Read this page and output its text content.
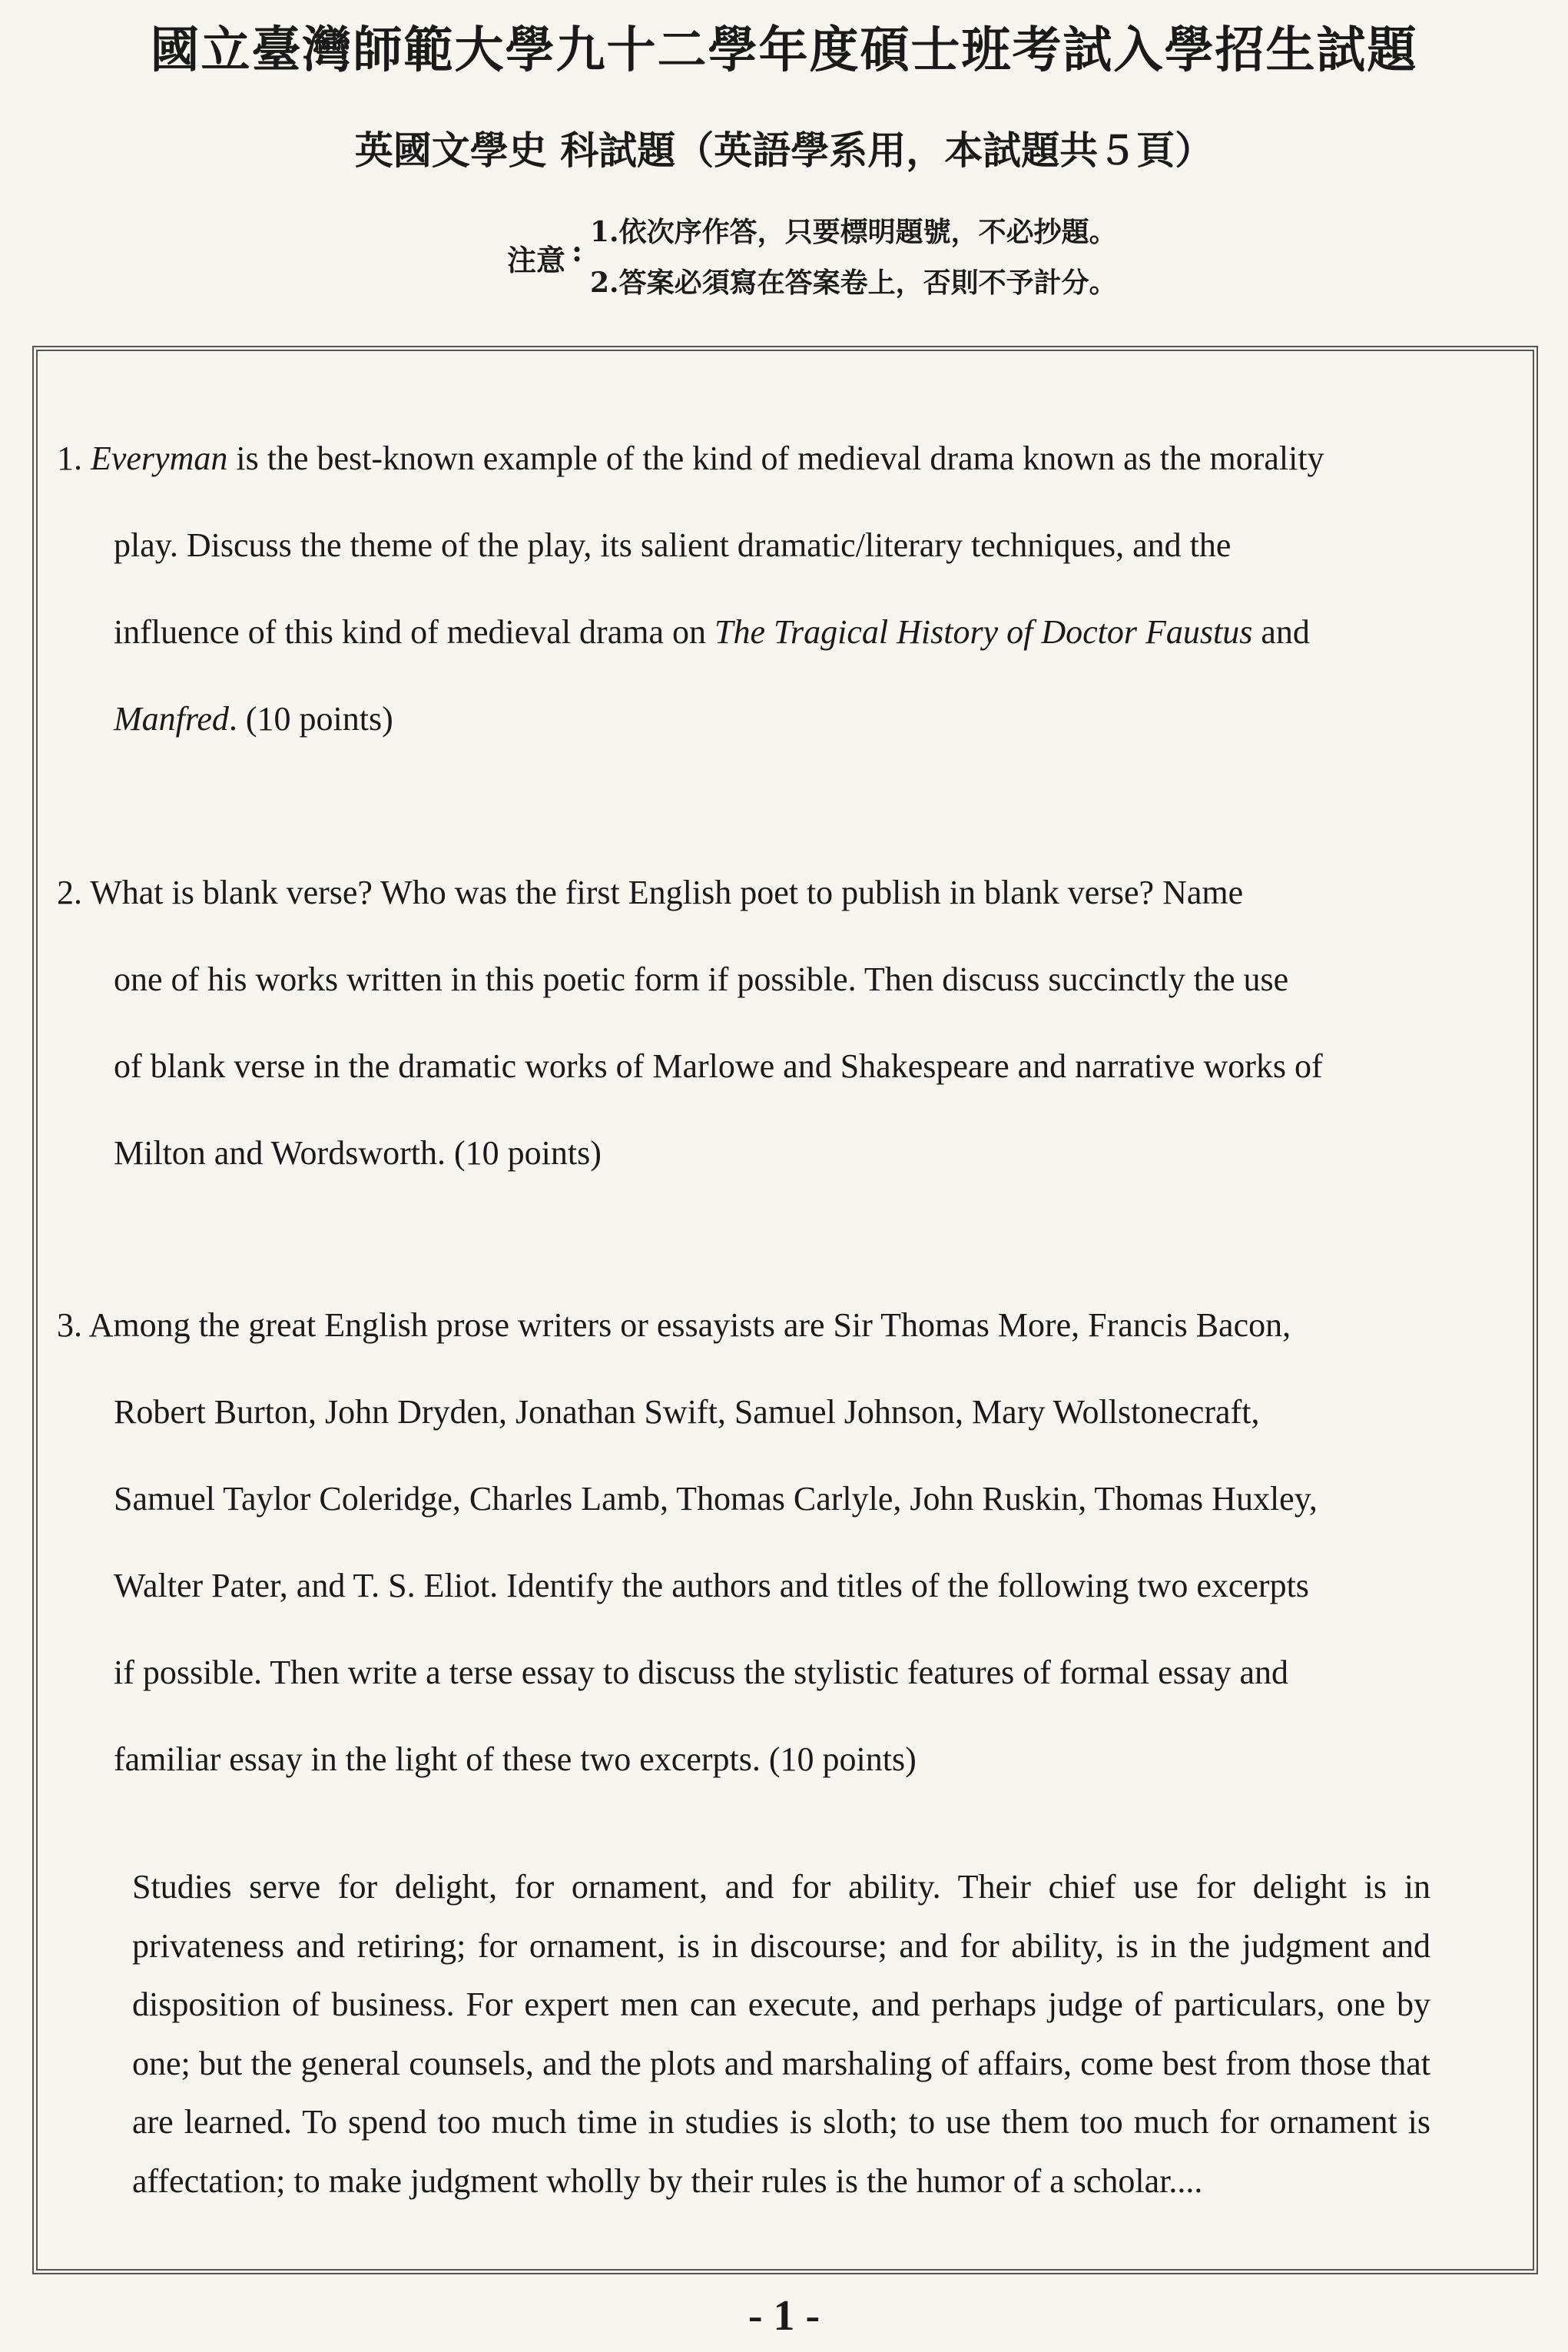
國立臺灣師範大學九十二學年度碩士班考試入學招生試題
英國文學史 科試題（英語學系用，本試題共５頁）
注意 :
1.依次序作答，只要標明題號，不必抄題。
2.答案必須寫在答案卷上，否則不予計分。
1. Everyman is the best-known example of the kind of medieval drama known as the morality
play. Discuss the theme of the play, its salient dramatic/literary techniques, and the
influence of this kind of medieval drama on The Tragical History of Doctor Faustus and
Manfred. (10 points)
2. What is blank verse? Who was the first English poet to publish in blank verse? Name
one of his works written in this poetic form if possible. Then discuss succinctly the use
of blank verse in the dramatic works of Marlowe and Shakespeare and narrative works of
Milton and Wordsworth. (10 points)
3. Among the great English prose writers or essayists are Sir Thomas More, Francis Bacon,
Robert Burton, John Dryden, Jonathan Swift, Samuel Johnson, Mary Wollstonecraft,
Samuel Taylor Coleridge, Charles Lamb, Thomas Carlyle, John Ruskin, Thomas Huxley,
Walter Pater, and T. S. Eliot. Identify the authors and titles of the following two excerpts
if possible. Then write a terse essay to discuss the stylistic features of formal essay and
familiar essay in the light of these two excerpts. (10 points)
Studies serve for delight, for ornament, and for ability. Their chief use for delight is in privateness and retiring; for ornament, is in discourse; and for ability, is in the judgment and disposition of business. For expert men can execute, and perhaps judge of particulars, one by one; but the general counsels, and the plots and marshaling of affairs, come best from those that are learned. To spend too much time in studies is sloth; to use them too much for ornament is affectation; to make judgment wholly by their rules is the humor of a scholar....
- 1 -
